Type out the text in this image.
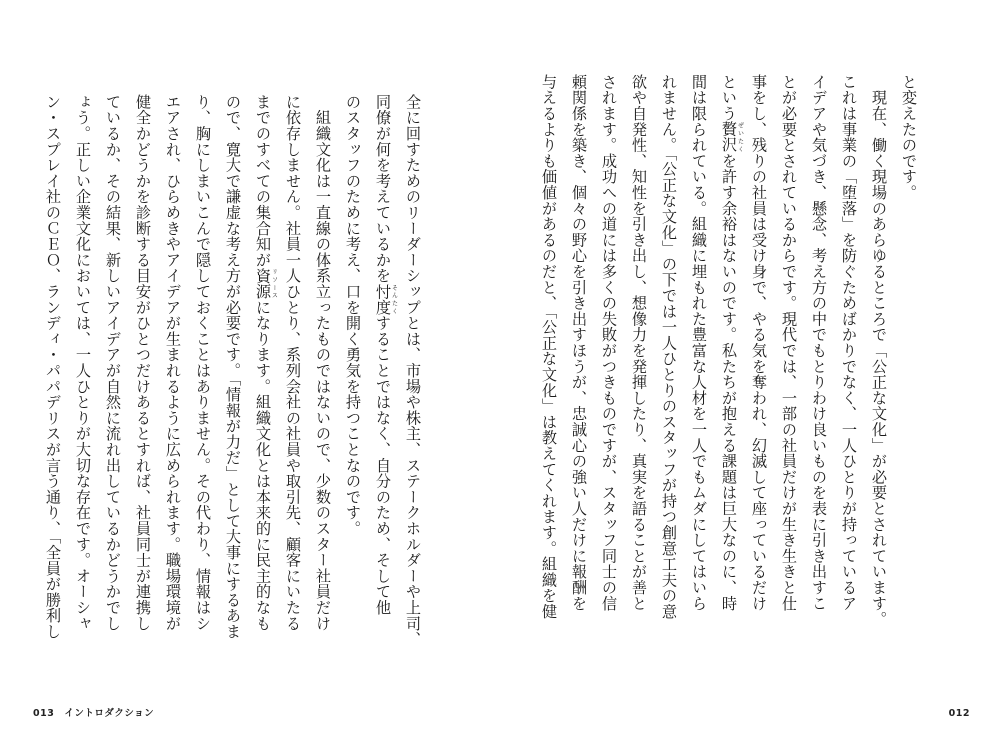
全に回すためのリーダーシップとは、市場や株主、ステークホルダーや上司、
同僚が何を考えているかを忖度そんたくすることではなく、自分のため、そして他
のスタッフのために考え、口を開く勇気を持つことなのです。
　組織文化は一直線の体系立ったものではないので、少数のスター社員だけ
に依存しません。社員一人ひとり、系列会社の社員や取引先、顧客にいたる
までのすべての集合知が資源リソースになります。組織文化とは本来的に民主的なも
ので、寛大で謙虚な考え方が必要です。「情報が力だ」として大事にするあま
り、胸にしまいこんで隠しておくことはありません。その代わり、情報はシ
エアされ、ひらめきやアイデアが生まれるように広められます。職場環境が
健全かどうかを診断する目安がひとつだけあるとすれば、社員同士が連携し
ているか、その結果、新しいアイデアが自然に流れ出しているかどうかでし
ょう。正しい企業文化においては、一人ひとりが大切な存在です。オーシャ
ン・スプレイ社のＣＥＯ、ランディ・パパデリスが言う通り、「全員が勝利し
013 イントロダクション
と変えたのです。
　現在、働く現場のあらゆるところで「公正な文化」が必要とされています。
これは事業の「堕落」を防ぐためばかりでなく、一人ひとりが持っているア
イデアや気づき、懸念、考え方の中でもとりわけ良いものを表に引き出すこ
とが必要とされているからです。現代では、一部の社員だけが生き生きと仕
事をし、残りの社員は受け身で、やる気を奪われ、幻滅して座っているだけ
という贅沢ぜいたくを許す余裕はないのです。私たちが抱える課題は巨大なのに、時
間は限られている。組織に埋もれた豊富な人材を一人でもムダにしてはいら
れません。「公正な文化」の下では一人ひとりのスタッフが持つ創意工夫の意
欲や自発性、知性を引き出し、想像力を発揮したり、真実を語ることが善と
されます。成功への道には多くの失敗がつきものですが、スタッフ同士の信
頼関係を築き、個々の野心を引き出すほうが、忠誠心の強い人だけに報酬を
与えるよりも価値があるのだと、「公正な文化」は教えてくれます。組織を健
012
